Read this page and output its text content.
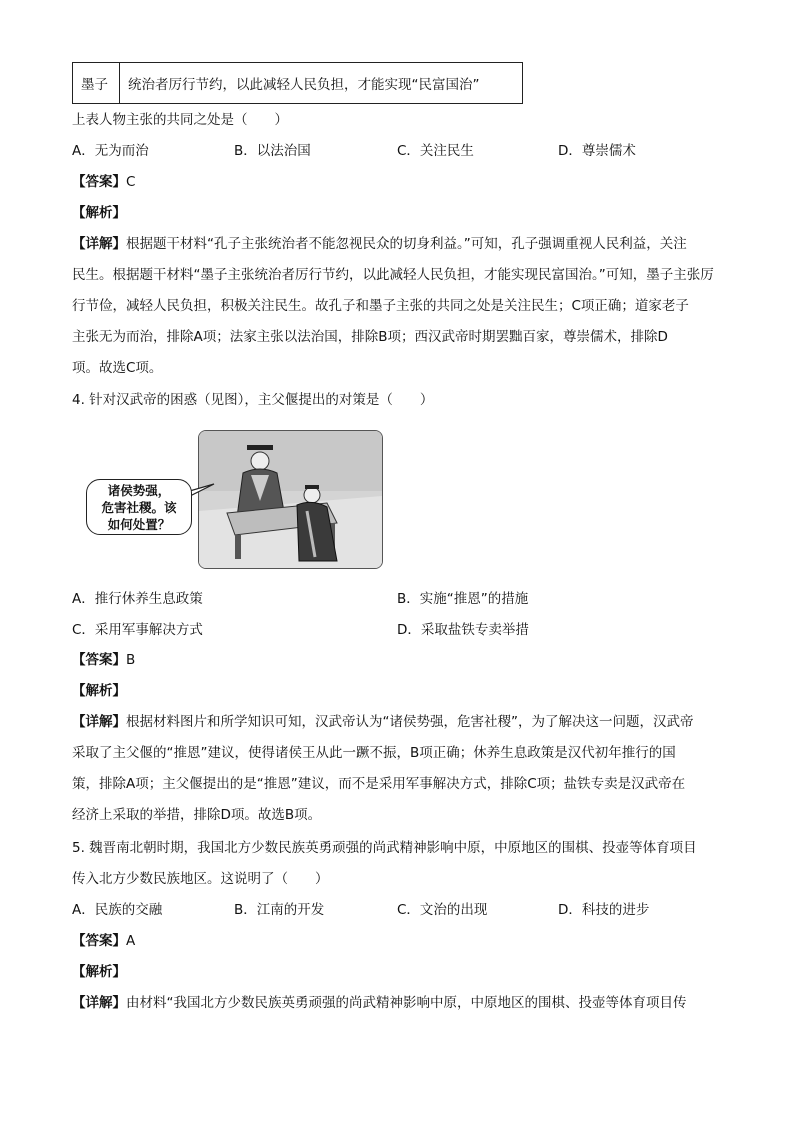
墨子	统治者厉行节约，以此减轻人民负担，才能实现“民富国治”
上表人物主张的共同之处是（　　）
A．无为而治	B．以法治国	C．关注民生	D．尊崇儒术
【答案】C
【解析】
【详解】根据题干材料“孔子主张统治者不能忽视民众的切身利益。”可知，孔子强调重视人民利益，关注
民生。根据题干材料“墨子主张统治者厉行节约，以此减轻人民负担，才能实现民富国治。”可知，墨子主张厉
行节俭，减轻人民负担，积极关注民生。故孔子和墨子主张的共同之处是关注民生；C项正确；道家老子
主张无为而治，排除A项；法家主张以法治国，排除B项；西汉武帝时期罢黜百家，尊崇儒术，排除D
项。故选C项。
4. 针对汉武帝的困惑（见图），主父偃提出的对策是（　　）
诸侯势强，
危害社稷。该
如何处置？
A．推行休养生息政策	B．实施“推恩”的措施
C．采用军事解决方式	D．采取盐铁专卖举措
【答案】B
【解析】
【详解】根据材料图片和所学知识可知，汉武帝认为“诸侯势强，危害社稷”，为了解决这一问题，汉武帝
采取了主父偃的“推恩”建议，使得诸侯王从此一蹶不振，B项正确；休养生息政策是汉代初年推行的国
策，排除A项；主父偃提出的是“推恩”建议，而不是采用军事解决方式，排除C项；盐铁专卖是汉武帝在
经济上采取的举措，排除D项。故选B项。
5. 魏晋南北朝时期，我国北方少数民族英勇顽强的尚武精神影响中原，中原地区的围棋、投壶等体育项目
传入北方少数民族地区。这说明了（　　）
A．民族的交融	B．江南的开发	C．文治的出现	D．科技的进步
【答案】A
【解析】
【详解】由材料“我国北方少数民族英勇顽强的尚武精神影响中原，中原地区的围棋、投壶等体育项目传
